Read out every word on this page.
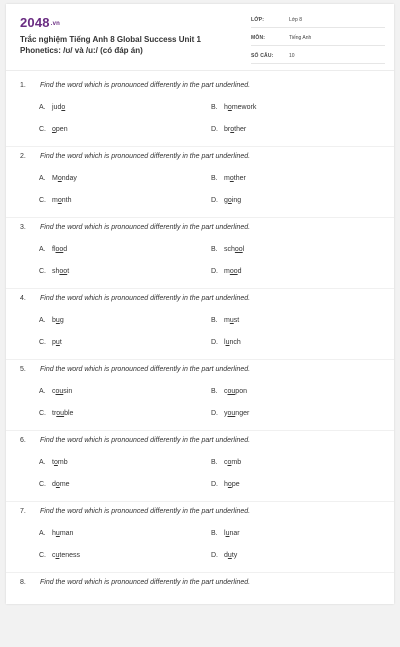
2048.vn
Trắc nghiệm Tiếng Anh 8 Global Success Unit 1 Phonetics: /ʊ/ và /u:/ (có đáp án)
LỚP:	Lớp 8
MÔN:	Tiếng Anh
SỐ CÂU:	10
1. Find the word which is pronounced differently in the part underlined.
A. judo	B. homework
C. open	D. brother
2. Find the word which is pronounced differently in the part underlined.
A. Monday	B. mother
C. month	D. going
3. Find the word which is pronounced differently in the part underlined.
A. flood	B. school
C. shoot	D. mood
4. Find the word which is pronounced differently in the part underlined.
A. bug	B. must
C. put	D. lunch
5. Find the word which is pronounced differently in the part underlined.
A. cousin	B. coupon
C. trouble	D. younger
6. Find the word which is pronounced differently in the part underlined.
A. tomb	B. comb
C. dome	D. hope
7. Find the word which is pronounced differently in the part underlined.
A. human	B. lunar
C. cuteness	D. duty
8. Find the word which is pronounced differently in the part underlined.
